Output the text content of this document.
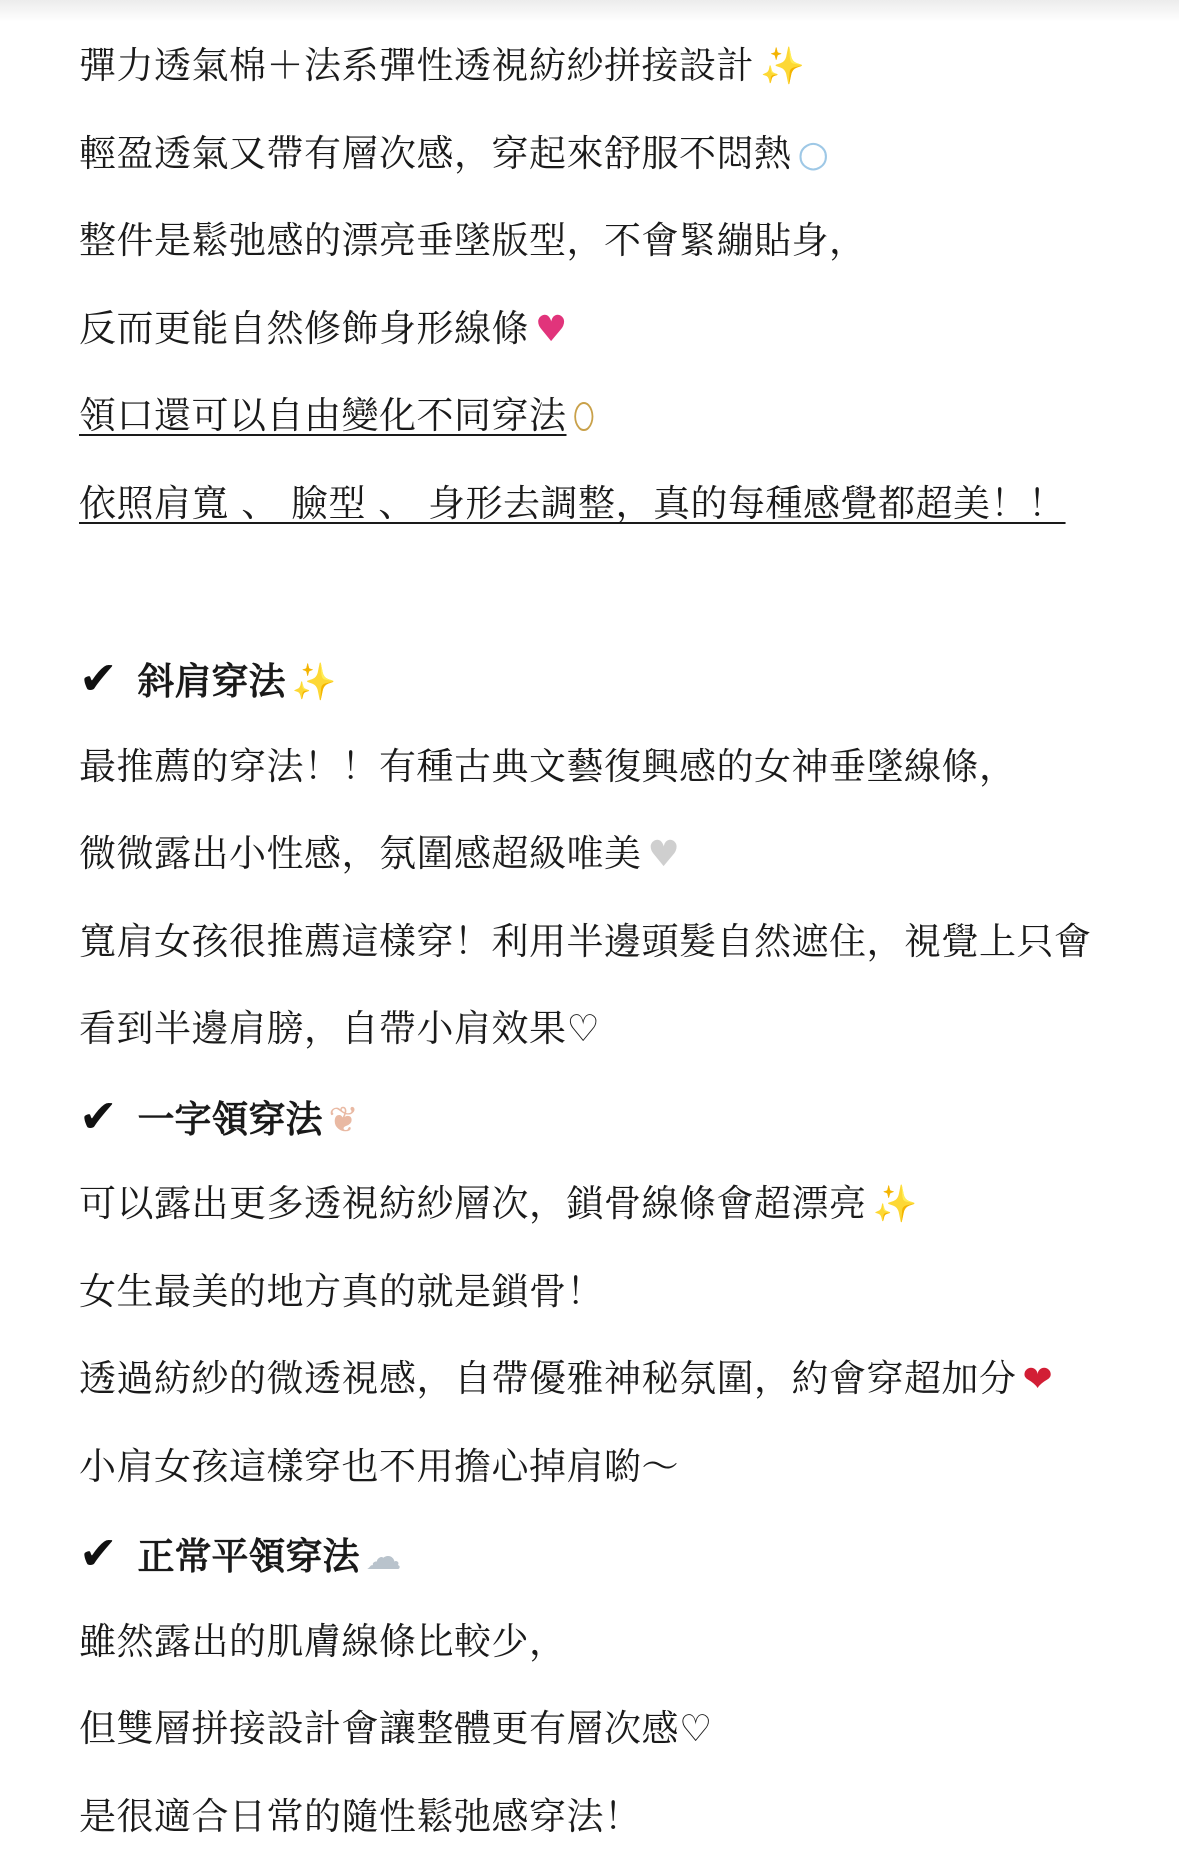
彈力透氣棉＋法系彈性透視紡紗拼接設計 ✨
輕盈透氣又帶有層次感，穿起來舒服不悶熱 ○
整件是鬆弛感的漂亮垂墜版型，不會緊繃貼身，
反而更能自然修飾身形線條 ♥
領口還可以自由變化不同穿法 ⬯
依照肩寬 、 臉型 、 身形去調整，真的每種感覺都超美！！
✔ 斜肩穿法 ✨
最推薦的穿法！！有種古典文藝復興感的女神垂墜線條，
微微露出小性感，氛圍感超級唯美 ♥
寬肩女孩很推薦這樣穿！利用半邊頭髮自然遮住，視覺上只會
看到半邊肩膀，自帶小肩效果♡
✔ 一字領穿法 ❦
可以露出更多透視紡紗層次，鎖骨線條會超漂亮 ✨
女生最美的地方真的就是鎖骨！
透過紡紗的微透視感，自帶優雅神秘氛圍，約會穿超加分 ❤
小肩女孩這樣穿也不用擔心掉肩喲～
✔ 正常平領穿法 ☁
雖然露出的肌膚線條比較少，
但雙層拼接設計會讓整體更有層次感♡
是很適合日常的隨性鬆弛感穿法！
